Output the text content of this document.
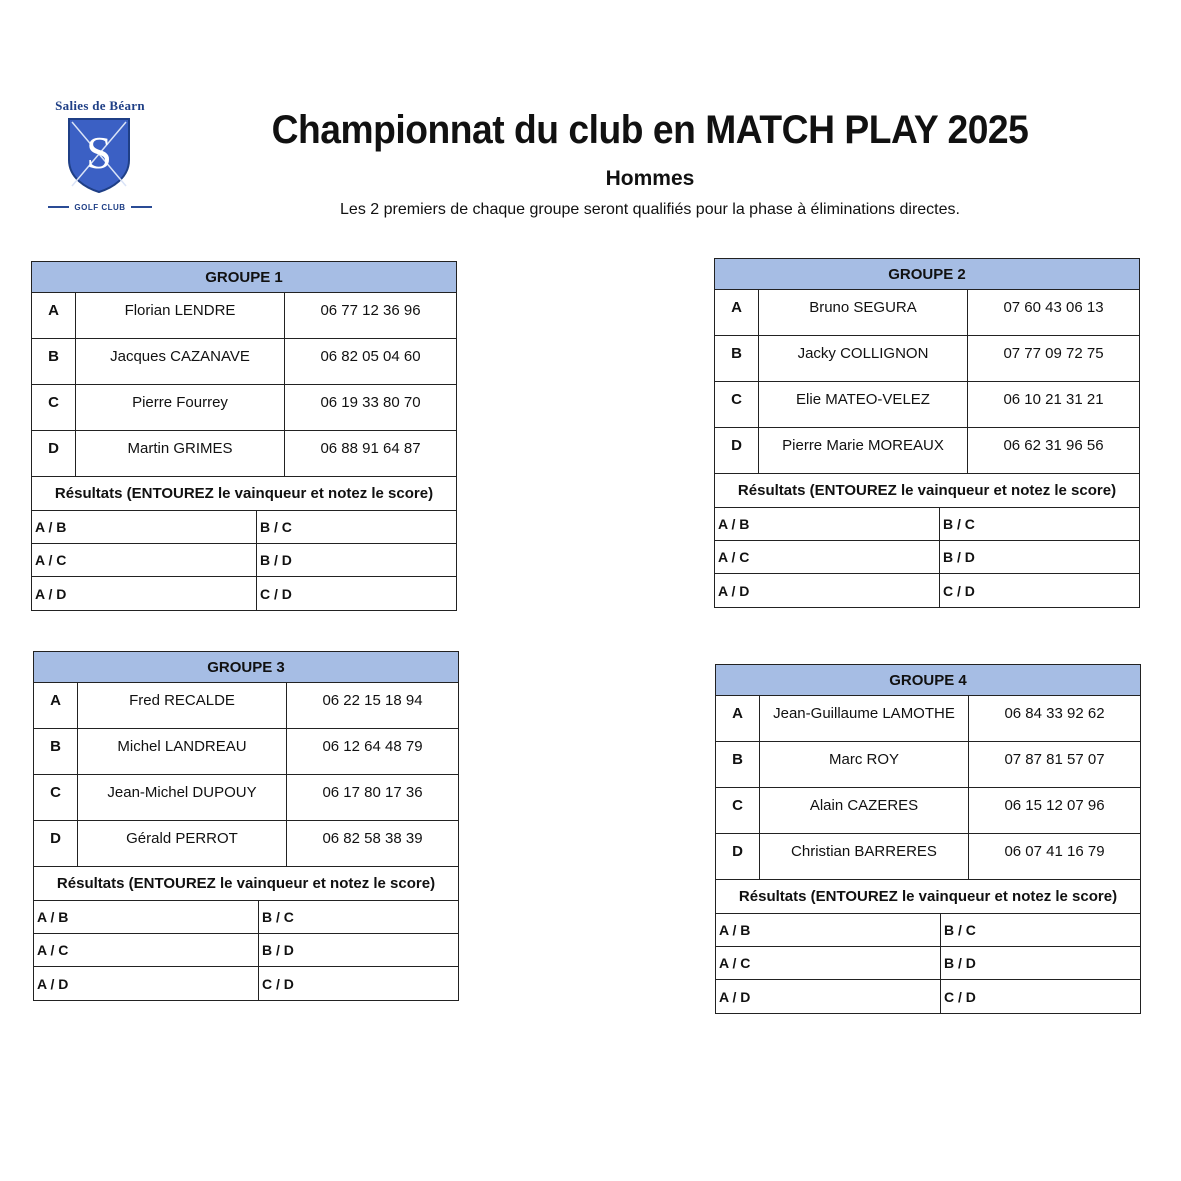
Salies de Béarn
S
GOLF CLUB
Championnat du club en MATCH PLAY 2025
Hommes

Les 2 premiers de chaque groupe seront qualifiés pour la phase à éliminations directes.

GROUPE 1
A	Florian LENDRE	06 77 12 36 96
B	Jacques CAZANAVE	06 82 05 04 60
C	Pierre Fourrey	06 19 33 80 70
D	Martin GRIMES	06 88 91 64 87
Résultats (ENTOUREZ le vainqueur et notez le score)
A / B	B / C
A / C	B / D
A / D	C / D
GROUPE 2
A	Bruno SEGURA	07 60 43 06 13
B	Jacky COLLIGNON	07 77 09 72 75
C	Elie MATEO-VELEZ	06 10 21 31 21
D	Pierre Marie MOREAUX	06 62 31 96 56
Résultats (ENTOUREZ le vainqueur et notez le score)
A / B	B / C
A / C	B / D
A / D	C / D
GROUPE 3
A	Fred RECALDE	06 22 15 18 94
B	Michel LANDREAU	06 12 64 48 79
C	Jean-Michel DUPOUY	06 17 80 17 36
D	Gérald PERROT	06 82 58 38 39
Résultats (ENTOUREZ le vainqueur et notez le score)
A / B	B / C
A / C	B / D
A / D	C / D
GROUPE 4
A	Jean-Guillaume LAMOTHE	06 84 33 92 62
B	Marc ROY	07 87 81 57 07
C	Alain CAZERES	06 15 12 07 96
D	Christian BARRERES	06 07 41 16 79
Résultats (ENTOUREZ le vainqueur et notez le score)
A / B	B / C
A / C	B / D
A / D	C / D
